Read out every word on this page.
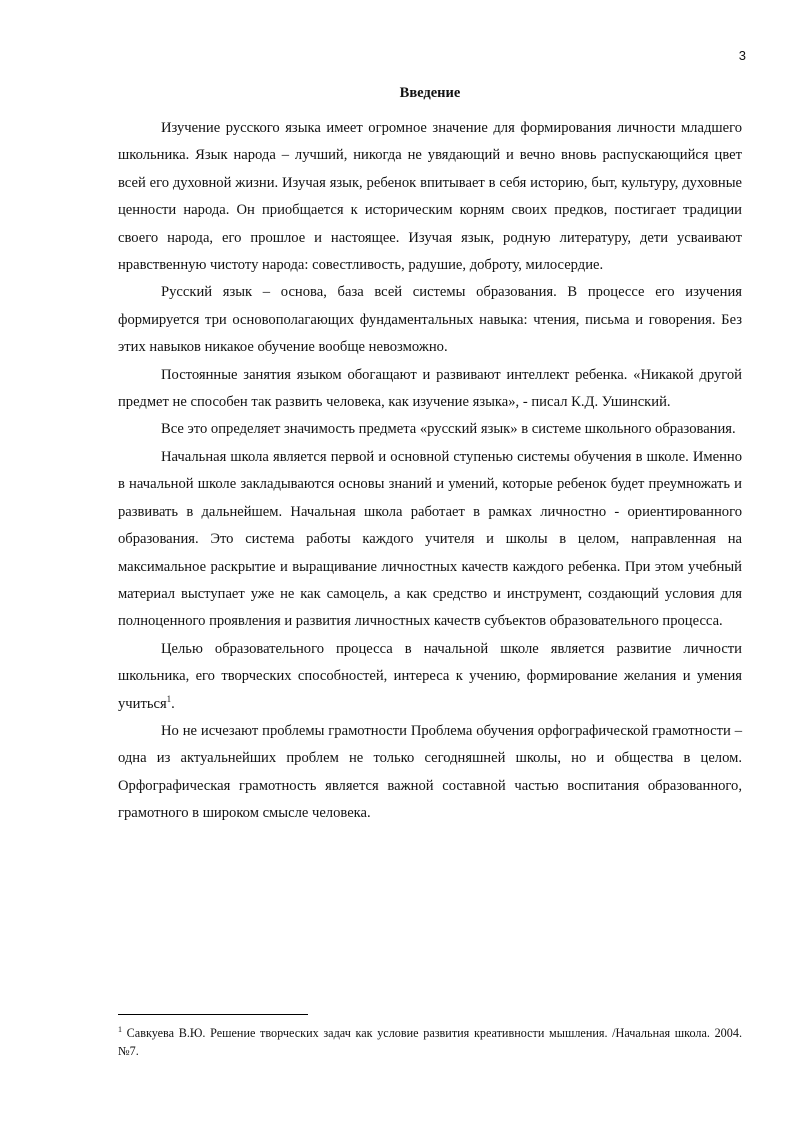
3
Введение

Изучение русского языка имеет огромное значение для формирования личности младшего школьника. Язык народа – лучший, никогда не увядающий и вечно вновь распускающийся цвет всей его духовной жизни. Изучая язык, ребенок впитывает в себя историю, быт, культуру, духовные ценности народа. Он приобщается к историческим корням своих предков, постигает традиции своего народа, его прошлое и настоящее. Изучая язык, родную литературу, дети усваивают нравственную чистоту народа: совестливость, радушие, доброту, милосердие.

Русский язык – основа, база всей системы образования. В процессе его изучения формируется три основополагающих фундаментальных навыка: чтения, письма и говорения. Без этих навыков никакое обучение вообще невозможно.

Постоянные занятия языком обогащают и развивают интеллект ребенка. «Никакой другой предмет не способен так развить человека, как изучение языка», - писал К.Д. Ушинский.

Все это определяет значимость предмета «русский язык» в системе школьного образования.

Начальная школа является первой и основной ступенью системы обучения в школе. Именно в начальной школе закладываются основы знаний и умений, которые ребенок будет преумножать и развивать в дальнейшем. Начальная школа работает в рамках личностно - ориентированного образования. Это система работы каждого учителя и школы в целом, направленная на максимальное раскрытие и выращивание личностных качеств каждого ребенка. При этом учебный материал выступает уже не как самоцель, а как средство и инструмент, создающий условия для полноценного проявления и развития личностных качеств субъектов образовательного процесса.

Целью образовательного процесса в начальной школе является развитие личности школьника, его творческих способностей, интереса к учению, формирование желания и умения учиться$^1$.

Но не исчезают проблемы грамотности Проблема обучения орфографической грамотности – одна из актуальнейших проблем не только сегодняшней школы, но и общества в целом. Орфографическая грамотность является важной составной частью воспитания образованного, грамотного в широком смысле человека.

$^1$ Савкуева В.Ю. Решение творческих задач как условие развития креативности мышления. /Начальная школа. 2004. №7.
